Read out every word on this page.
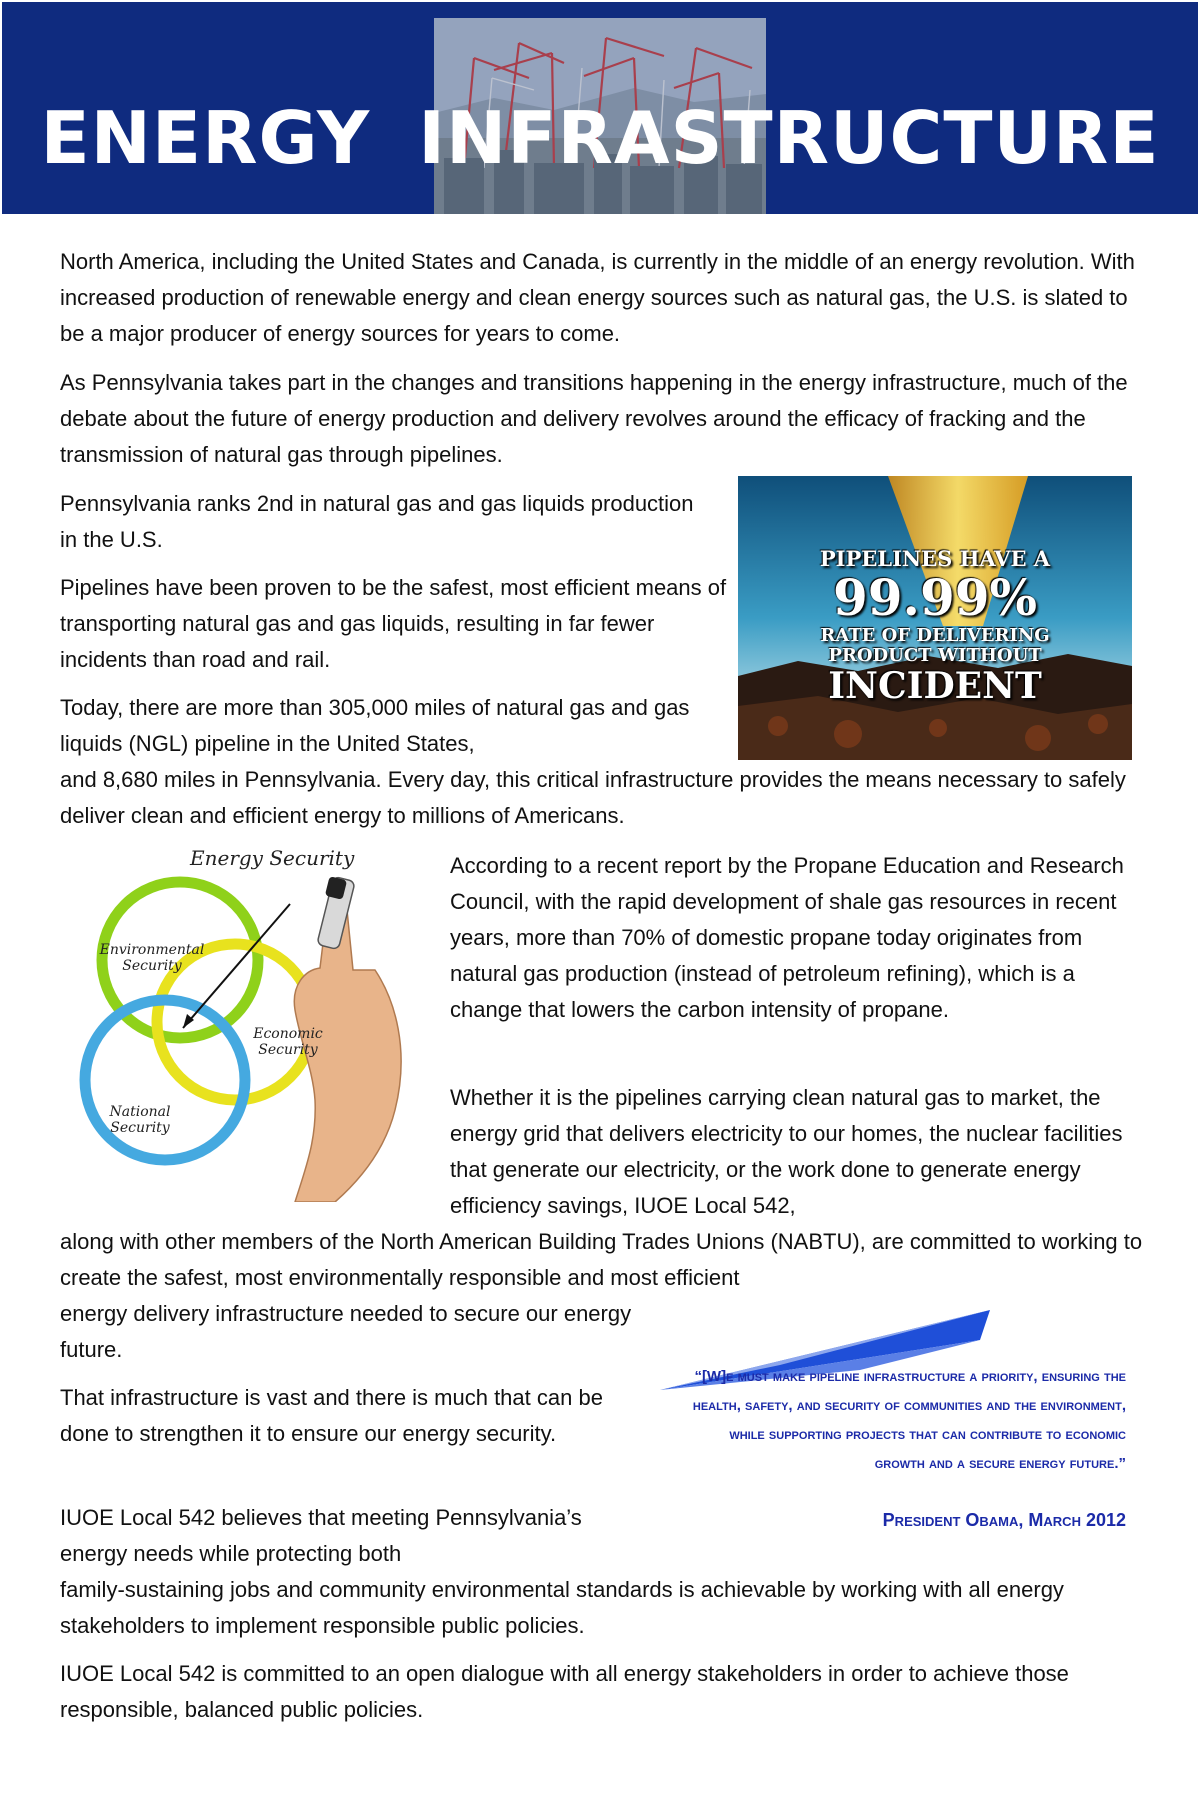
ENERGY INFRASTRUCTURE

North America, including the United States and Canada, is currently in the middle of an energy revolution. With increased production of renewable energy and clean energy sources such as natural gas, the U.S. is slated to be a major producer of energy sources for years to come.

As Pennsylvania takes part in the changes and transitions happening in the energy infrastructure, much of the debate about the future of energy production and delivery revolves around the efficacy of fracking and the transmission of natural gas through pipelines.

Pennsylvania ranks 2nd in natural gas and gas liquids production in the U.S.

Pipelines have been proven to be the safest, most efficient means of transporting natural gas and gas liquids, resulting in far fewer incidents than road and rail.

Today, there are more than 305,000 miles of natural gas and gas liquids (NGL) pipeline in the United States,

and 8,680 miles in Pennsylvania. Every day, this critical infrastructure provides the means necessary to safely deliver clean and efficient energy to millions of Americans.

PIPELINES HAVE A
99.99%
RATE OF DELIVERING
PRODUCT WITHOUT
INCIDENT
Energy Security
Environmental
Security
Economic
Security
National
Security

According to a recent report by the Propane Education and Research Council, with the rapid development of shale gas resources in recent years, more than 70% of domestic propane today originates from natural gas production (instead of petroleum refining), which is a change that lowers the carbon intensity of propane.

Whether it is the pipelines carrying clean natural gas to market, the energy grid that delivers electricity to our homes, the nuclear facilities that generate our electricity, or the work done to generate energy efficiency savings, IUOE Local 542,

along with other members of the North American Building Trades Unions (NABTU), are committed to working to create the safest, most environmentally responsible and most efficient

energy delivery infrastructure needed to secure our energy future.

That infrastructure is vast and there is much that can be done to strengthen it to ensure our energy security.

IUOE Local 542 believes that meeting Pennsylvania’s energy needs while protecting both

family-sustaining jobs and community environmental standards is achievable by working with all energy stakeholders to implement responsible public policies.

IUOE Local 542 is committed to an open dialogue with all energy stakeholders in order to achieve those responsible, balanced public policies.

“[W]e must make pipeline infrastructure a priority, ensuring the health, safety, and security of communities and the environment, while supporting projects that can contribute to economic growth and a secure energy future.”

President Obama, March 2012
